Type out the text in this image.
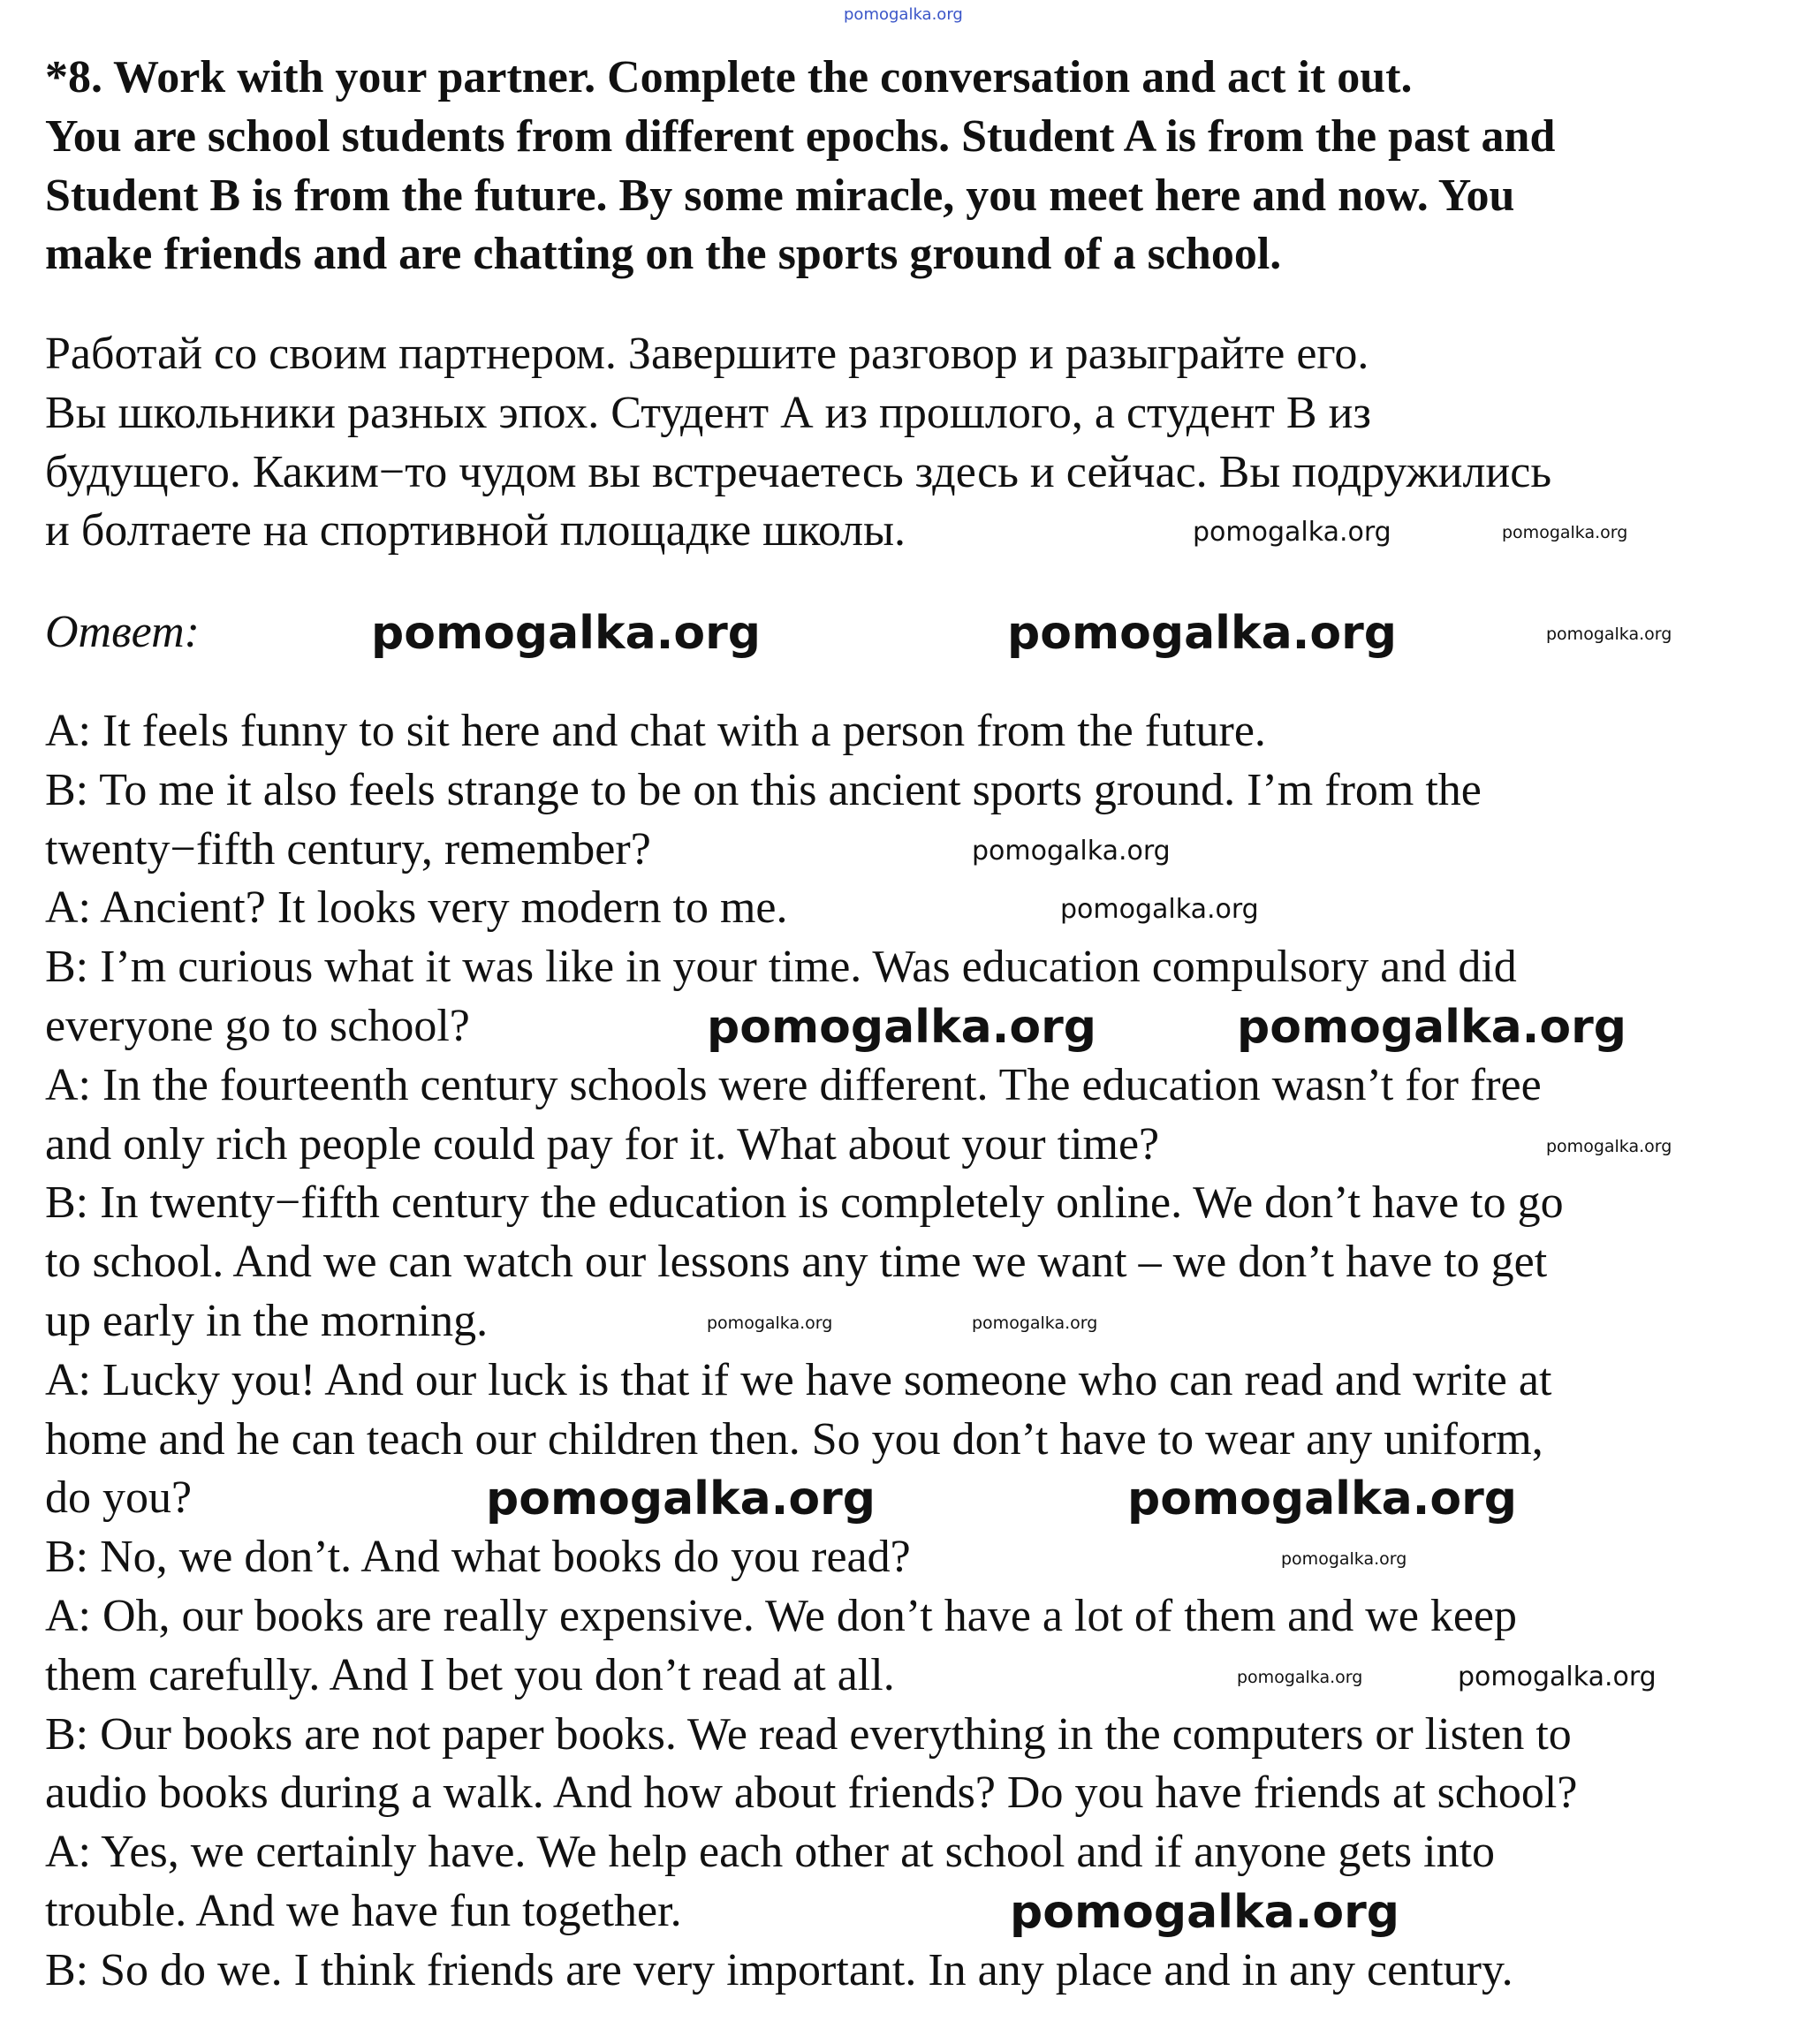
*8. Work with your partner. Complete the conversation and act it out.
You are school students from different epochs. Student A is from the past and
Student B is from the future. By some miracle, you meet here and now. You
make friends and are chatting on the sports ground of a school.
Работай со своим партнером. Завершите разговор и разыграйте его.
Вы школьники разных эпох. Студент А из прошлого, а студент В из
будущего. Каким−то чудом вы встречаетесь здесь и сейчас. Вы подружились
и болтаете на спортивной площадке школы.
Ответ:
A: It feels funny to sit here and chat with a person from the future.
B: To me it also feels strange to be on this ancient sports ground. I’m from the
twenty−fifth century, remember?
A: Ancient? It looks very modern to me.
B: I’m curious what it was like in your time. Was education compulsory and did
everyone go to school?
A: In the fourteenth century schools were different. The education wasn’t for free
and only rich people could pay for it. What about your time?
B: In twenty−fifth century the education is completely online. We don’t have to go
to school. And we can watch our lessons any time we want – we don’t have to get
up early in the morning.
A: Lucky you! And our luck is that if we have someone who can read and write at
home and he can teach our children then. So you don’t have to wear any uniform,
do you?
B: No, we don’t. And what books do you read?
A: Oh, our books are really expensive. We don’t have a lot of them and we keep
them carefully. And I bet you don’t read at all.
B: Our books are not paper books. We read everything in the computers or listen to
audio books during a walk. And how about friends? Do you have friends at school?
A: Yes, we certainly have. We help each other at school and if anyone gets into
trouble. And we have fun together.
B: So do we. I think friends are very important. In any place and in any century.
pomogalka.org
pomogalka.org	pomogalka.org	pomogalka.org
pomogalka.org	pomogalka.org
pomogalka.org
pomogalka.org
pomogalka.org	pomogalka.org
pomogalka.org
pomogalka.org	pomogalka.org
pomogalka.org	pomogalka.org
pomogalka.org
pomogalka.org	pomogalka.org
pomogalka.org
